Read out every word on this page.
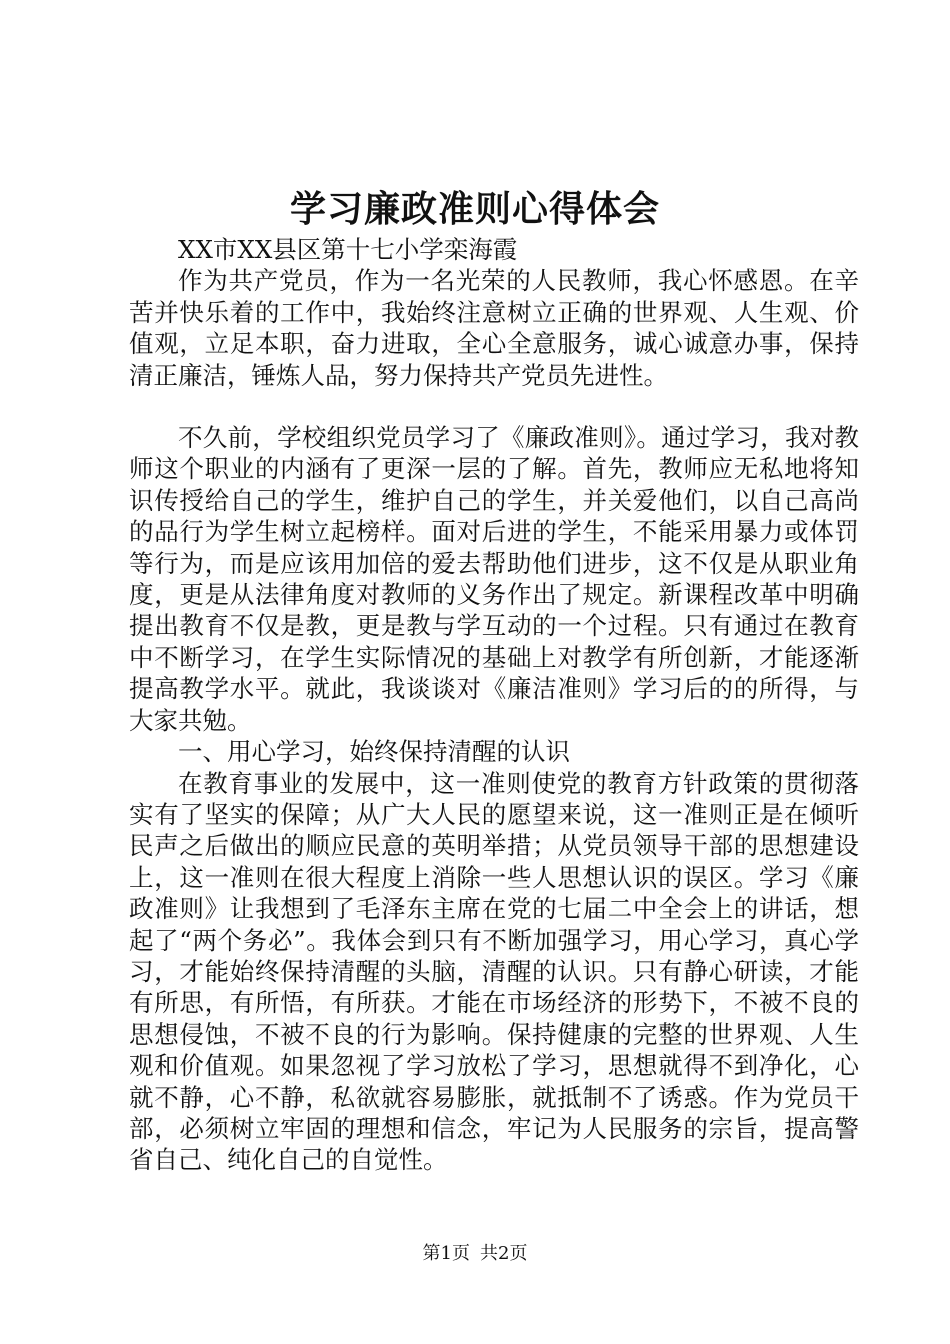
学习廉政准则心得体会

XX市XX县区第十七小学栾海霞

作为共产党员，作为一名光荣的人民教师，我心怀感恩。在辛苦并快乐着的工作中，我始终注意树立正确的世界观、人生观、价值观，立足本职，奋力进取，全心全意服务，诚心诚意办事，保持清正廉洁，锤炼人品，努力保持共产党员先进性。

不久前，学校组织党员学习了《廉政准则》。通过学习，我对教师这个职业的内涵有了更深一层的了解。首先，教师应无私地将知识传授给自己的学生，维护自己的学生，并关爱他们，以自己高尚的品行为学生树立起榜样。面对后进的学生，不能采用暴力或体罚等行为，而是应该用加倍的爱去帮助他们进步，这不仅是从职业角度，更是从法律角度对教师的义务作出了规定。新课程改革中明确提出教育不仅是教，更是教与学互动的一个过程。只有通过在教育中不断学习，在学生实际情况的基础上对教学有所创新，才能逐渐提高教学水平。就此，我谈谈对《廉洁准则》学习后的的所得，与大家共勉。

一、用心学习，始终保持清醒的认识

在教育事业的发展中，这一准则使党的教育方针政策的贯彻落实有了坚实的保障；从广大人民的愿望来说，这一准则正是在倾听民声之后做出的顺应民意的英明举措；从党员领导干部的思想建设上，这一准则在很大程度上消除一些人思想认识的误区。学习《廉政准则》让我想到了毛泽东主席在党的七届二中全会上的讲话，想起了“两个务必”。我体会到只有不断加强学习，用心学习，真心学习，才能始终保持清醒的头脑，清醒的认识。只有静心研读，才能有所思，有所悟，有所获。才能在市场经济的形势下，不被不良的思想侵蚀，不被不良的行为影响。保持健康的完整的世界观、人生观和价值观。如果忽视了学习放松了学习，思想就得不到净化，心就不静，心不静，私欲就容易膨胀，就抵制不了诱惑。作为党员干部，必须树立牢固的理想和信念，牢记为人民服务的宗旨，提高警省自己、纯化自己的自觉性。

第1页 共2页
